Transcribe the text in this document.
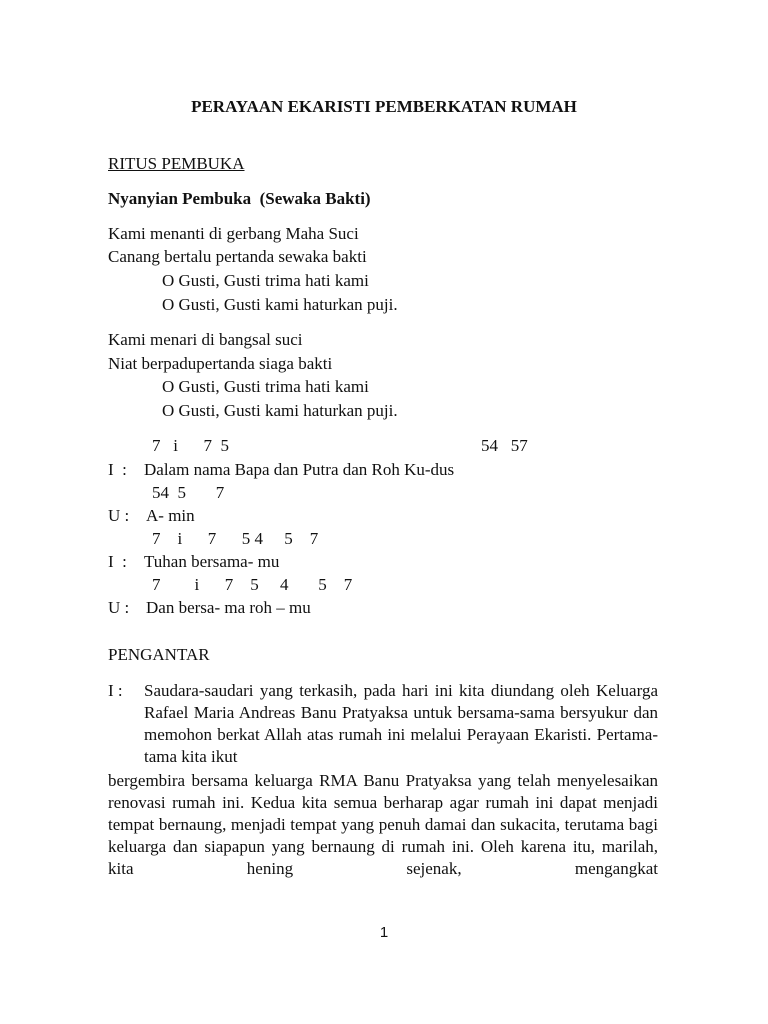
PERAYAAN EKARISTI PEMBERKATAN RUMAH
RITUS PEMBUKA
Nyanyian Pembuka  (Sewaka Bakti)
Kami menanti di gerbang Maha Suci
Canang bertalu pertanda sewaka bakti
O Gusti, Gusti trima hati kami
O Gusti, Gusti kami haturkan puji.
Kami menari di bangsal suci
Niat berpadupertanda siaga bakti
O Gusti, Gusti trima hati kami
O Gusti, Gusti kami haturkan puji.
7   i      7  5	54   57
I  : Dalam nama Bapa dan Putra dan Roh Ku-dus
54  5       7
U : A- min
7    i      7      5 4     5    7
I  : Tuhan bersama- mu
7        i      7    5     4       5    7
U : Dan bersa- ma roh – mu
PENGANTAR
I : Saudara-saudari yang terkasih, pada hari ini kita diundang oleh Keluarga Rafael Maria Andreas Banu Pratyaksa untuk bersama-sama bersyukur dan memohon berkat Allah atas rumah ini melalui Perayaan Ekaristi. Pertama-tama kita ikut
bergembira bersama keluarga RMA Banu Pratyaksa yang telah menyelesaikan renovasi rumah ini. Kedua kita semua berharap agar rumah ini dapat menjadi tempat bernaung, menjadi tempat yang penuh damai dan sukacita, terutama bagi keluarga dan siapapun yang bernaung di rumah ini. Oleh karena itu, marilah, kita hening sejenak, mengangkat
1
